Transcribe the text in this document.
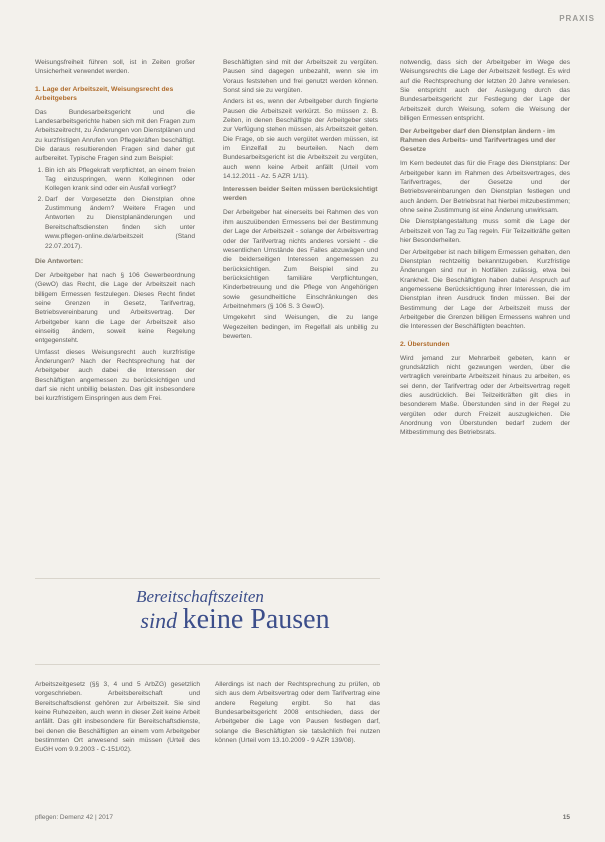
PRAXIS

Weisungsfreiheit führen soll, ist in Zeiten großer Unsicherheit verwendet werden.

1. Lage der Arbeitszeit, Weisungsrecht des Arbeitgebers

Das Bundesarbeitsgericht und die Landesarbeitsgerichte haben sich mit den Fragen zum Arbeitszeitrecht, zu Änderungen von Dienstplänen und zu kurzfristigen Anrufen von Pflegekräften beschäftigt. Die daraus resultierenden Fragen sind daher gut aufbereitet. Typische Fragen sind zum Beispiel:

1. Bin ich als Pflegekraft verpflichtet, an einem freien Tag einzuspringen, wenn Kolleginnen oder Kollegen krank sind oder ein Ausfall vorliegt?
2. Darf der Vorgesetzte den Dienstplan ohne Zustimmung ändern? Weitere Fragen und Antworten zu Dienstplanänderungen und Bereitschaftsdiensten finden sich unter www.pflegen-online.de/arbeitszeit (Stand 22.07.2017).
Die Antworten:

Der Arbeitgeber hat nach § 106 Gewerbeordnung (GewO) das Recht, die Lage der Arbeitszeit nach billigem Ermessen festzulegen. Dieses Recht findet seine Grenzen in Gesetz, Tarifvertrag, Betriebsvereinbarung und Arbeitsvertrag. Der Arbeitgeber kann die Lage der Arbeitszeit also einseitig ändern, soweit keine Regelung entgegensteht.

Umfasst dieses Weisungsrecht auch kurzfristige Änderungen? Nach der Rechtsprechung hat der Arbeitgeber auch dabei die Interessen der Beschäftigten angemessen zu berücksichtigen und darf sie nicht unbillig belasten. Das gilt insbesondere bei kurzfristigem Einspringen aus dem Frei.

Beschäftigten sind mit der Arbeitszeit zu vergüten. Pausen sind dagegen unbezahlt, wenn sie im Voraus feststehen und frei genutzt werden können. Sonst sind sie zu vergüten.

Anders ist es, wenn der Arbeitgeber durch fingierte Pausen die Arbeitszeit verkürzt. So müssen z. B. Zeiten, in denen Beschäftigte der Arbeitgeber stets zur Verfügung stehen müssen, als Arbeitszeit gelten. Die Frage, ob sie auch vergütet werden müssen, ist im Einzelfall zu beurteilen. Nach dem Bundesarbeitsgericht ist die Arbeitszeit zu vergüten, auch wenn keine Arbeit anfällt (Urteil vom 14.12.2011 - Az. 5 AZR 1/11).

Interessen beider Seiten müssen berücksichtigt werden

Der Arbeitgeber hat einerseits bei Rahmen des von ihm auszuübenden Ermessens bei der Bestimmung der Lage der Arbeitszeit - solange der Arbeitsvertrag oder der Tarifvertrag nichts anderes vorsieht - die wesentlichen Umstände des Falles abzuwägen und die beiderseitigen Interessen angemessen zu berücksichtigen. Zum Beispiel sind zu berücksichtigen familiäre Verpflichtungen, Kinderbetreuung und die Pflege von Angehörigen sowie gesundheitliche Einschränkungen des Arbeitnehmers (§ 106 S. 3 GewO).

Umgekehrt sind Weisungen, die zu lange Wegezeiten bedingen, im Regelfall als unbillig zu bewerten.

notwendig, dass sich der Arbeitgeber im Wege des Weisungsrechts die Lage der Arbeitszeit festlegt. Es wird auf die Rechtsprechung der letzten 20 Jahre verwiesen. Sie entspricht auch der Auslegung durch das Bundesarbeitsgericht zur Festlegung der Lage der Arbeitszeit durch Weisung, sofern die Weisung der billigen Ermessen entspricht.

Der Arbeitgeber darf den Dienstplan ändern - im Rahmen des Arbeits- und Tarifvertrages und der Gesetze

Im Kern bedeutet das für die Frage des Dienstplans: Der Arbeitgeber kann im Rahmen des Arbeitsvertrages, des Tarifvertrages, der Gesetze und der Betriebsvereinbarungen den Dienstplan festlegen und auch ändern. Der Betriebsrat hat hierbei mitzubestimmen; ohne seine Zustimmung ist eine Änderung unwirksam.

Die Dienstplangestaltung muss somit die Lage der Arbeitszeit von Tag zu Tag regeln. Für Teilzeitkräfte gelten hier Besonderheiten.

Der Arbeitgeber ist nach billigem Ermessen gehalten, den Dienstplan rechtzeitig bekanntzugeben. Kurzfristige Änderungen sind nur in Notfällen zulässig, etwa bei Krankheit. Die Beschäftigten haben dabei Anspruch auf angemessene Berücksichtigung ihrer Interessen, die im Dienstplan ihren Ausdruck finden müssen. Bei der Bestimmung der Lage der Arbeitszeit muss der Arbeitgeber die Grenzen billigen Ermessens wahren und die Interessen der Beschäftigten beachten.

2. Überstunden

Wird jemand zur Mehrarbeit gebeten, kann er grundsätzlich nicht gezwungen werden, über die vertraglich vereinbarte Arbeitszeit hinaus zu arbeiten, es sei denn, der Tarifvertrag oder der Arbeitsvertrag regelt dies ausdrücklich. Bei Teilzeitkräften gilt dies in besonderem Maße. Überstunden sind in der Regel zu vergüten oder durch Freizeit auszugleichen. Die Anordnung von Überstunden bedarf zudem der Mitbestimmung des Betriebsrats.

Bereitschaftszeiten
sind keine Pausen

Arbeitszeitgesetz (§§ 3, 4 und 5 ArbZG) gesetzlich vorgeschrieben. Arbeitsbereitschaft und Bereitschaftsdienst gehören zur Arbeitszeit. Sie sind keine Ruhezeiten, auch wenn in dieser Zeit keine Arbeit anfällt. Das gilt insbesondere für Bereitschaftsdienste, bei denen die Beschäftigten an einem vom Arbeitgeber bestimmten Ort anwesend sein müssen (Urteil des EuGH vom 9.9.2003 - C-151/02).

Allerdings ist nach der Rechtsprechung zu prüfen, ob sich aus dem Arbeitsvertrag oder dem Tarifvertrag eine andere Regelung ergibt. So hat das Bundesarbeitsgericht 2008 entschieden, dass der Arbeitgeber die Lage von Pausen festlegen darf, solange die Beschäftigten sie tatsächlich frei nutzen können (Urteil vom 13.10.2009 - 9 AZR 139/08).

pflegen: Demenz 42 | 2017	15
